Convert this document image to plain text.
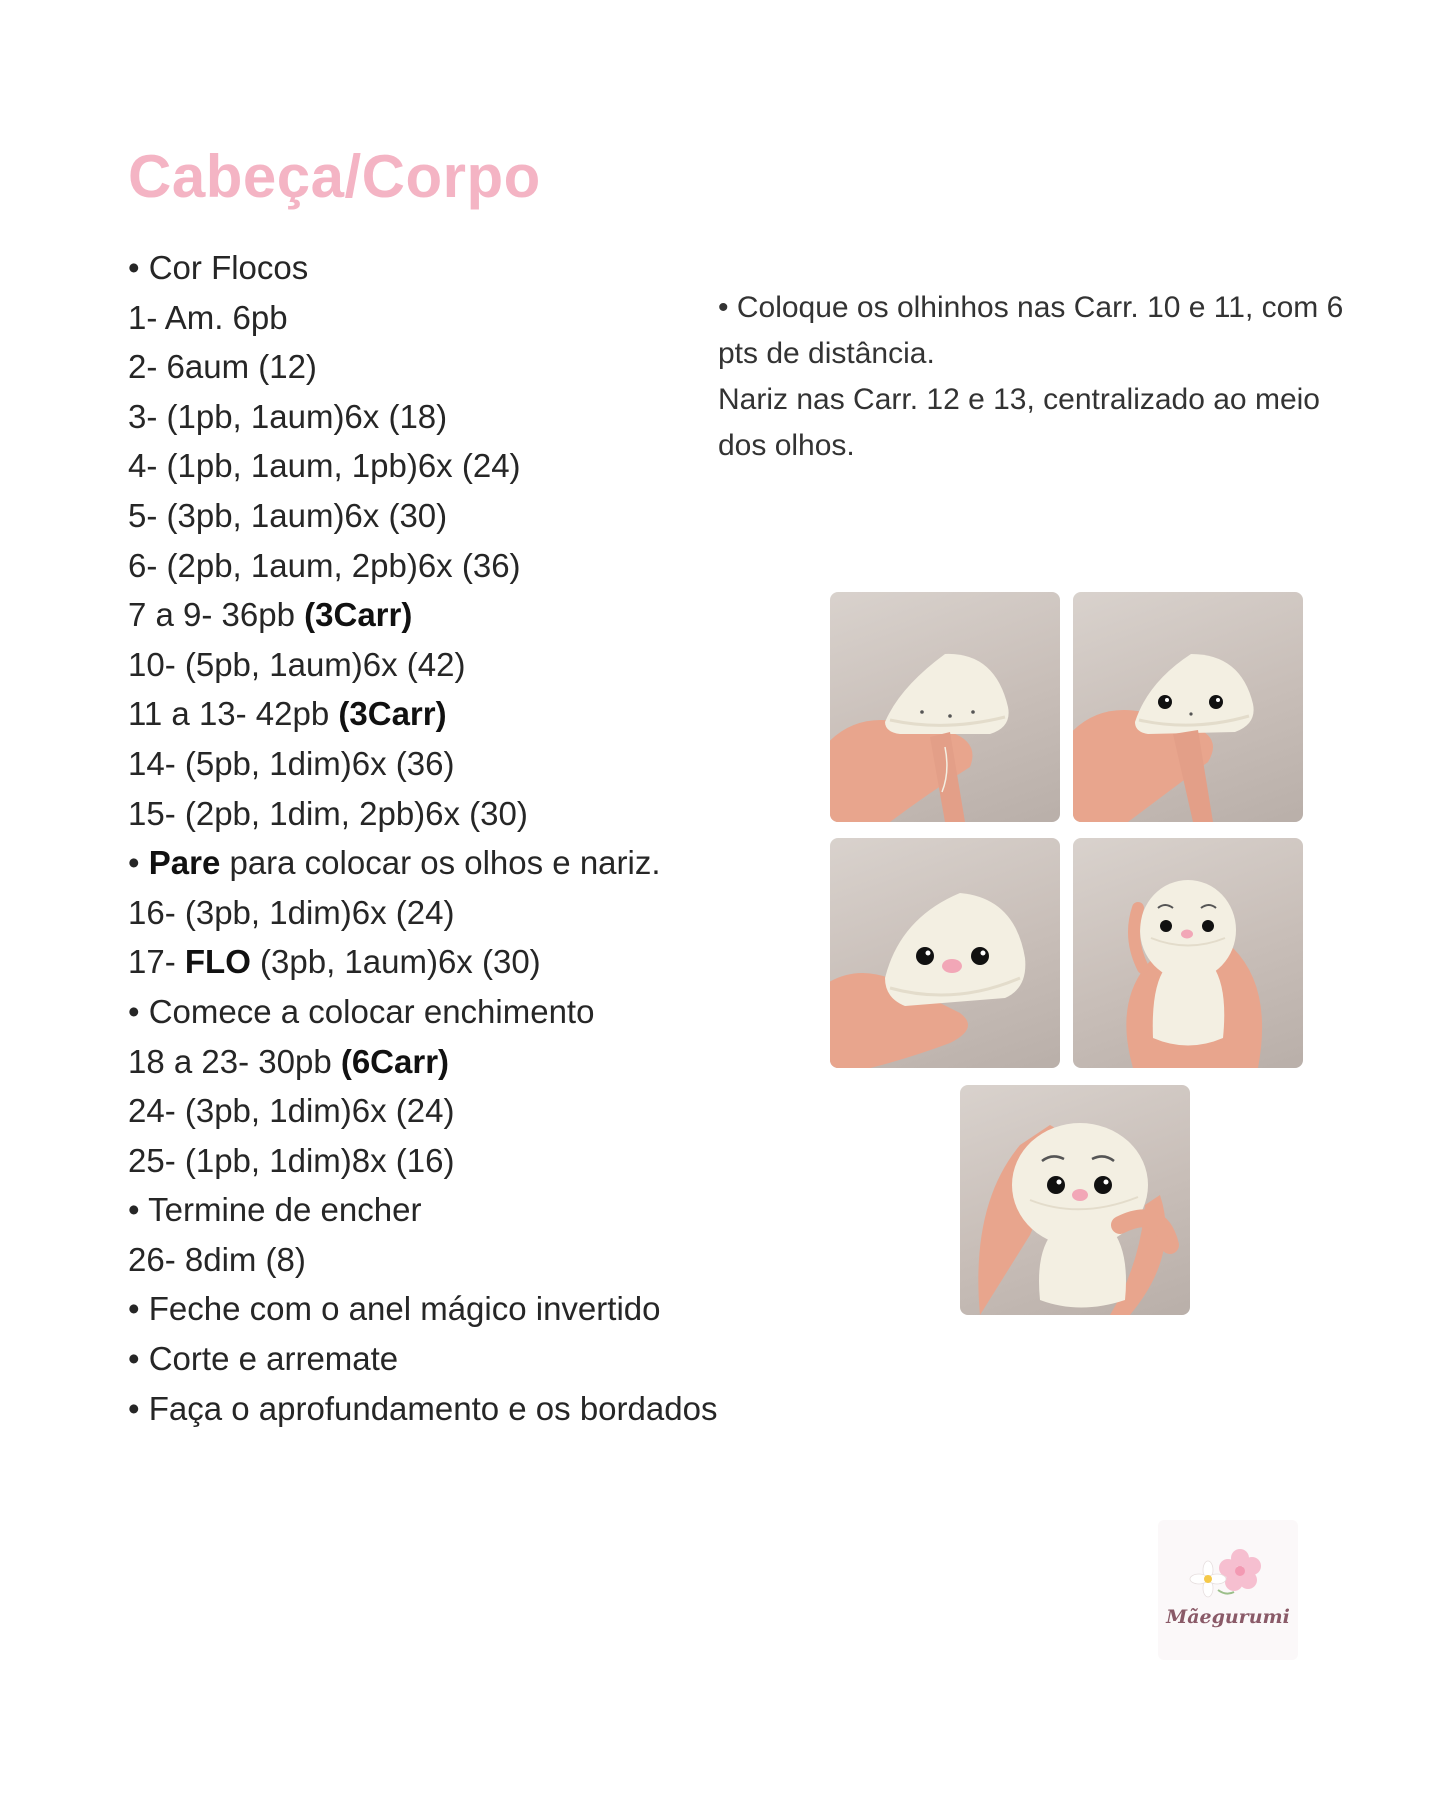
Cabeça/Corpo
• Cor Flocos
1- Am. 6pb
2- 6aum (12)
3- (1pb, 1aum)6x (18)
4- (1pb, 1aum, 1pb)6x (24)
5- (3pb, 1aum)6x (30)
6- (2pb, 1aum, 2pb)6x (36)
7 a 9- 36pb (3Carr)
10- (5pb, 1aum)6x (42)
11 a 13- 42pb (3Carr)
14- (5pb, 1dim)6x (36)
15- (2pb, 1dim, 2pb)6x (30)
• Pare para colocar os olhos e nariz.
16- (3pb, 1dim)6x (24)
17- FLO (3pb, 1aum)6x (30)
• Comece a colocar enchimento
18 a 23- 30pb (6Carr)
24- (3pb, 1dim)6x (24)
25- (1pb, 1dim)8x (16)
• Termine de encher
26- 8dim (8)
• Feche com o anel mágico invertido
• Corte e arremate
• Faça o aprofundamento e os bordados

• Coloque os olhinhos nas Carr. 10 e 11, com 6 pts de distância.

Nariz nas Carr. 12 e 13, centralizado ao meio dos olhos.

Mãegurumi
